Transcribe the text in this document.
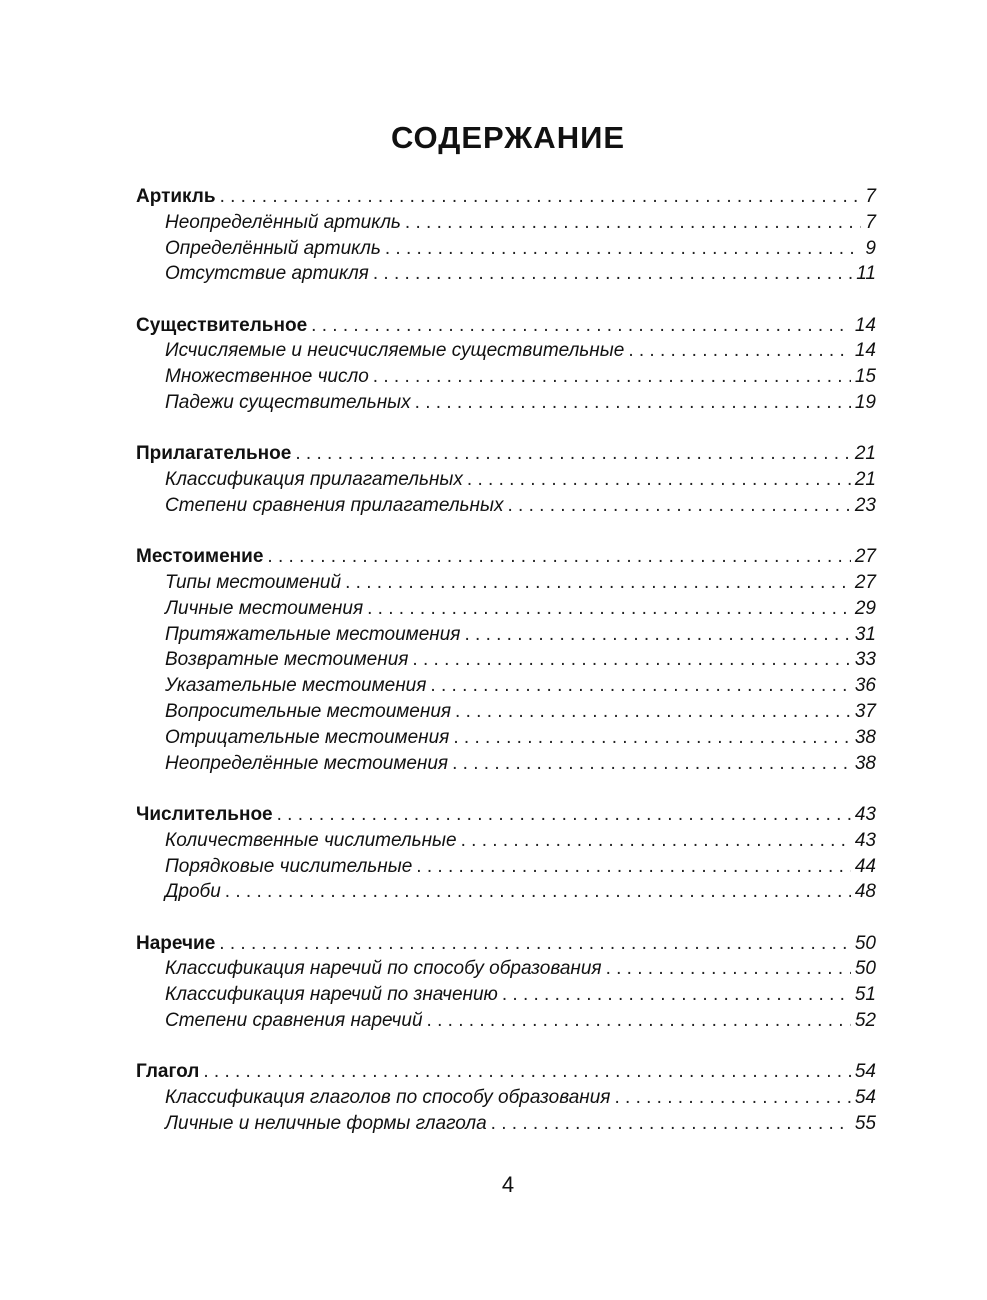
СОДЕРЖАНИЕ
Артикль . . .	7
Неопределённый артикль . . .	7
Определённый артикль . . .	9
Отсутствие артикля . . .	11
Существительное . . .	14
Исчисляемые и неисчисляемые существительные . . .	14
Множественное число . . .	15
Падежи существительных . . .	19
Прилагательное . . .	21
Классификация прилагательных . . .	21
Степени сравнения прилагательных . . .	23
Местоимение . . .	27
Типы местоимений . . .	27
Личные местоимения . . .	29
Притяжательные местоимения . . .	31
Возвратные местоимения . . .	33
Указательные местоимения . . .	36
Вопросительные местоимения . . .	37
Отрицательные местоимения . . .	38
Неопределённые местоимения . . .	38
Числительное . . .	43
Количественные числительные . . .	43
Порядковые числительные . . .	44
Дроби . . .	48
Наречие . . .	50
Классификация наречий по способу образования . . .	50
Классификация наречий по значению . . .	51
Степени сравнения наречий . . .	52
Глагол . . .	54
Классификация глаголов по способу образования . . .	54
Личные и неличные формы глагола . . .	55
4
